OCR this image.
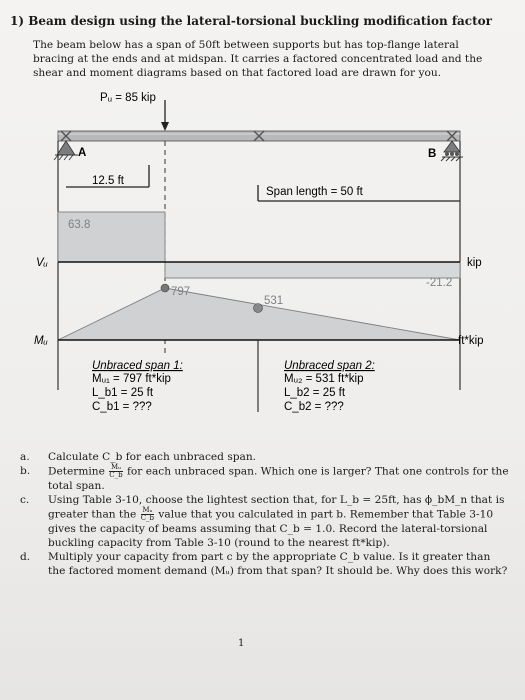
1) Beam design using the lateral-torsional buckling modification factor
The beam below has a span of 50ft between supports but has top-flange lateral bracing at the ends and at midspan. It carries a factored concentrated load and the shear and moment diagrams based on that factored load are drawn for you.
Pᵤ = 85 kip
A	B
12.5 ft
Span length = 50 ft
63.8
-21.2
Vᵤ	kip
797
531
Mᵤ	ft*kip
Unbraced span 1:
Mᵤ₁ = 797 ft*kip
L_b1 = 25 ft
C_b1 = ???
Unbraced span 2:
Mᵤ₂ = 531 ft*kip
L_b2 = 25 ft
C_b2 = ???
a. Calculate C_b for each unbraced span.
b. Determine $\frac{\text{Mᵤ}}{C\_b}$ for each unbraced span. Which one is larger? That one controls for the total span.
c. Using Table 3-10, choose the lightest section that, for L_b = 25ft, has ϕ_bM_n that is greater than the $\frac{\text{Mᵤ}}{C\_b}$ value that you calculated in part b. Remember that Table 3-10 gives the capacity of beams assuming that C_b = 1.0. Record the lateral-torsional buckling capacity from Table 3-10 (round to the nearest ft*kip).
d. Multiply your capacity from part c by the appropriate C_b value. Is it greater than the factored moment demand (Mᵤ) from that span? It should be. Why does this work?
1
